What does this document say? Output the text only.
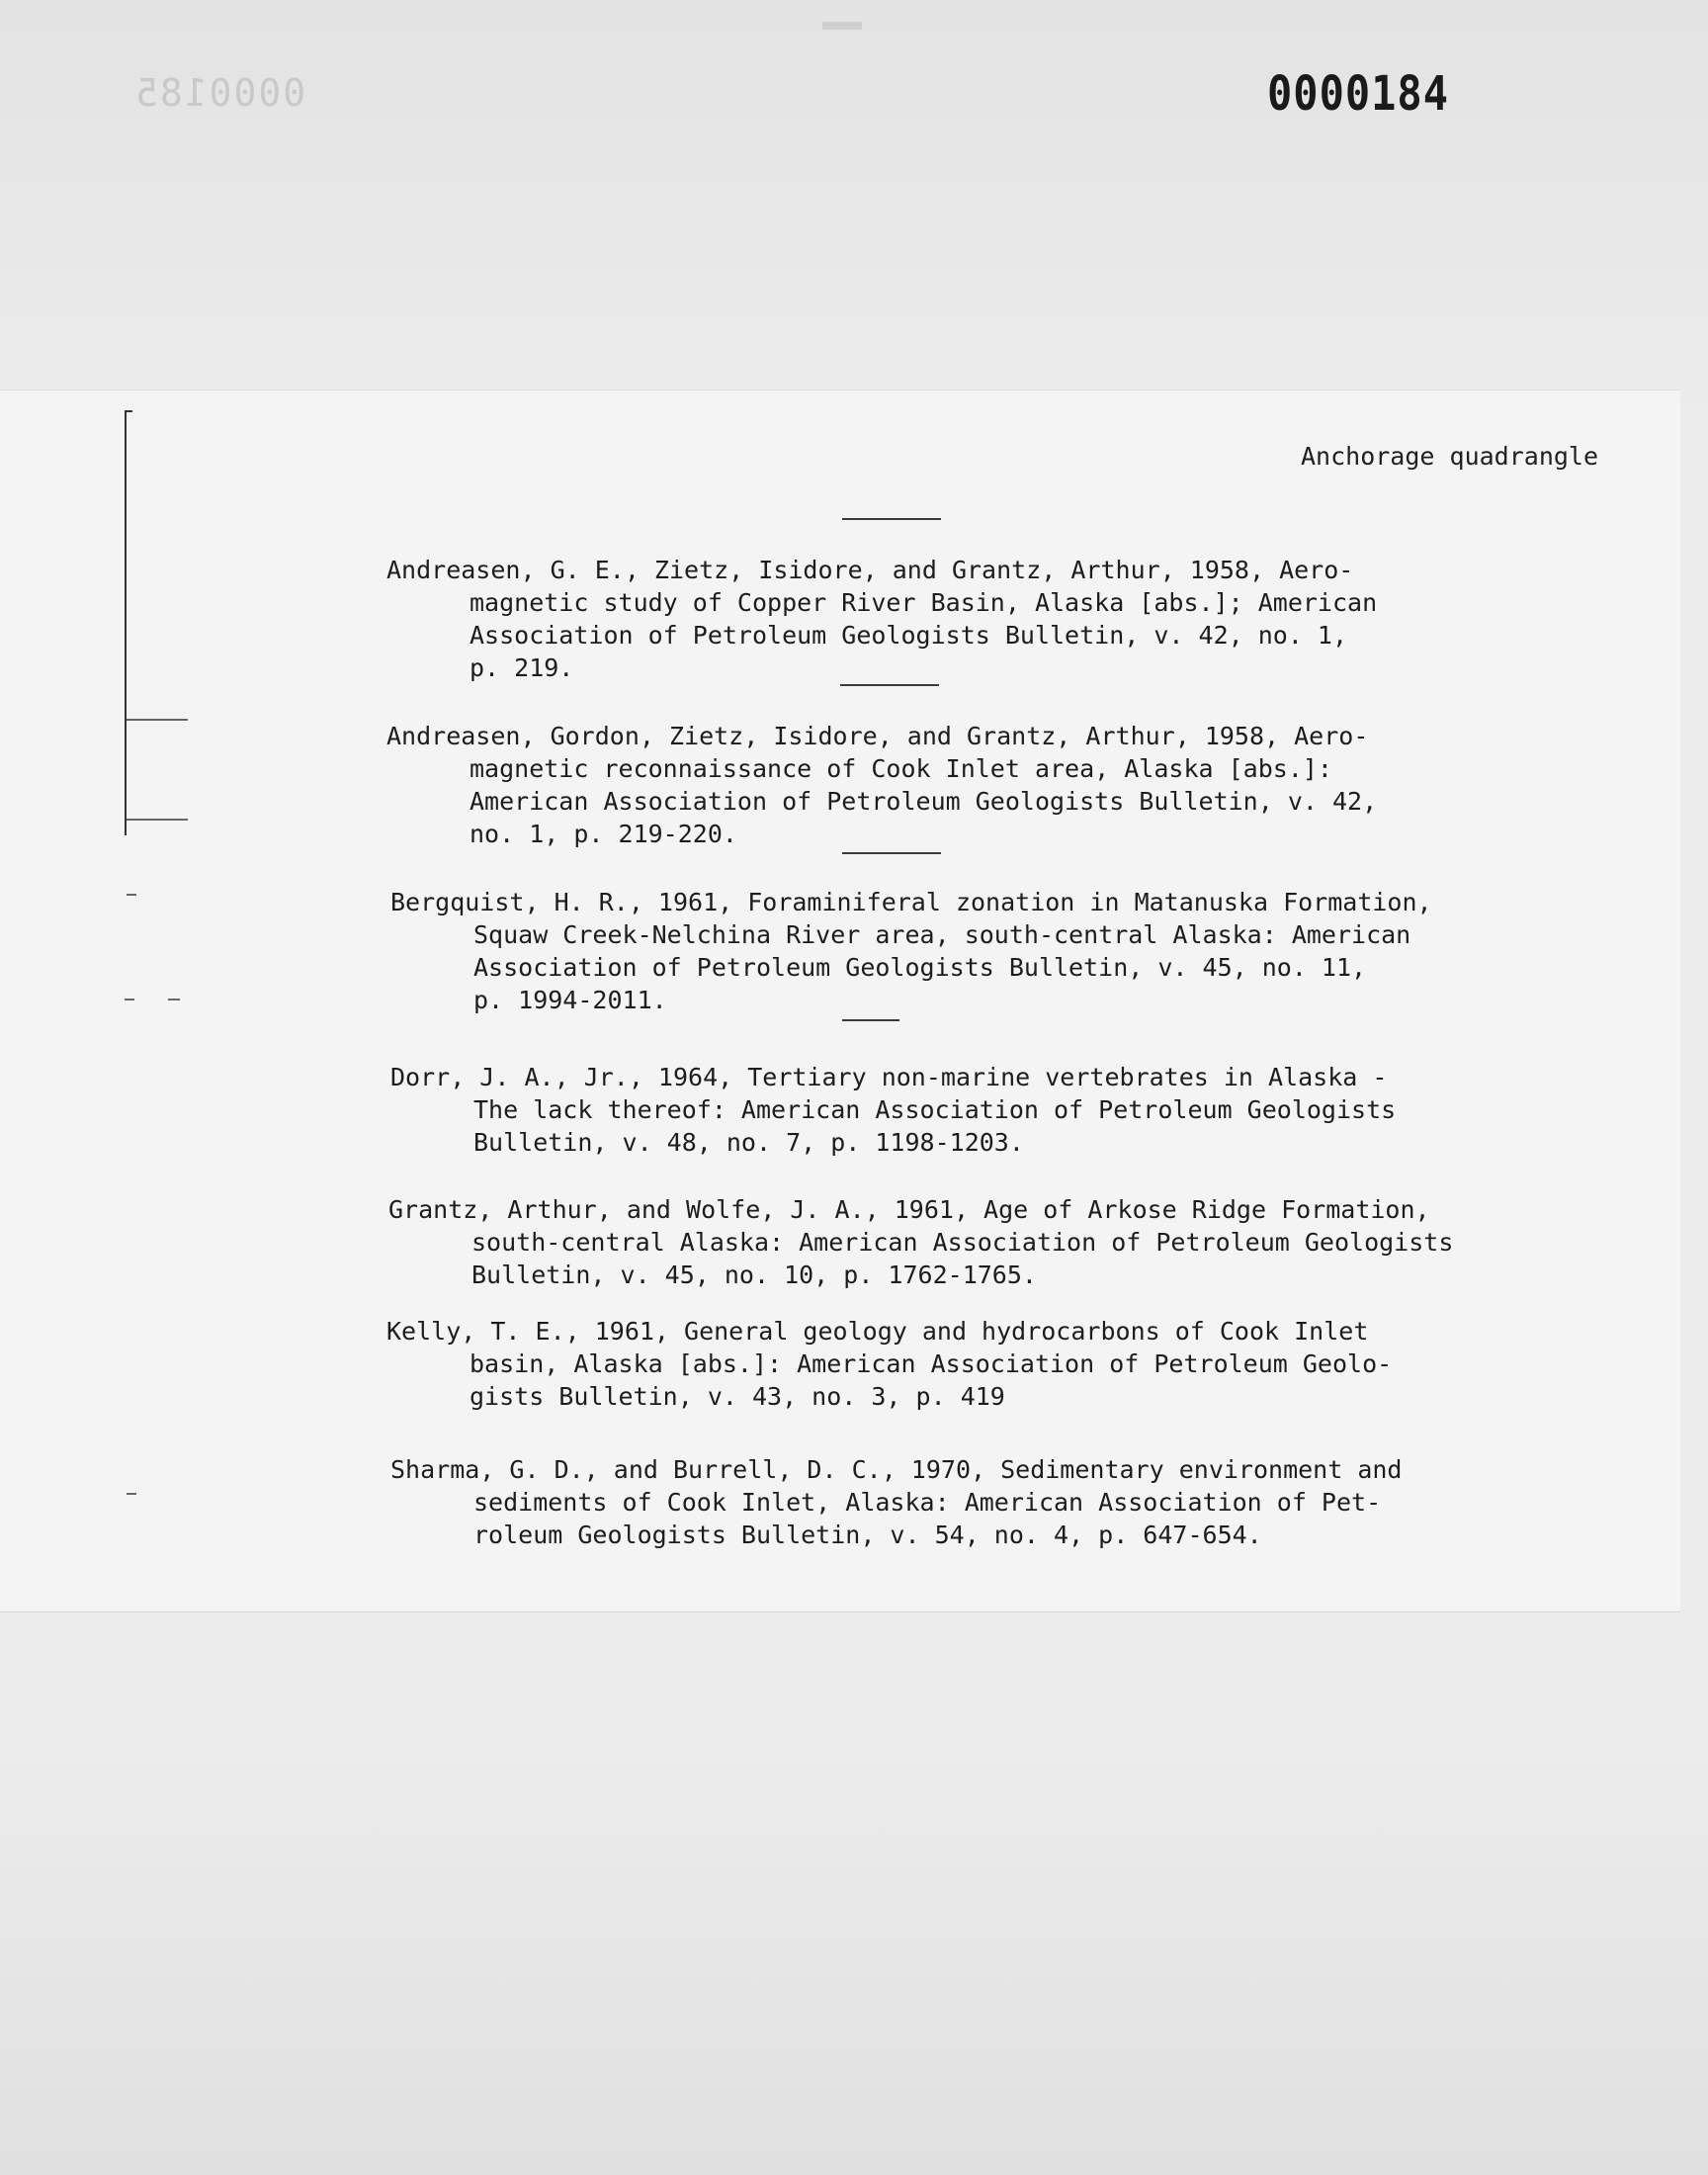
0000185	0000184
Anchorage quadrangle
Andreasen, G. E., Zietz, Isidore, and Grantz, Arthur, 1958, Aero-
magnetic study of Copper River Basin, Alaska [abs.]; American
Association of Petroleum Geologists Bulletin, v. 42, no. 1,
p. 219.
Andreasen, Gordon, Zietz, Isidore, and Grantz, Arthur, 1958, Aero-
magnetic reconnaissance of Cook Inlet area, Alaska [abs.]:
American Association of Petroleum Geologists Bulletin, v. 42,
no. 1, p. 219-220.
Bergquist, H. R., 1961, Foraminiferal zonation in Matanuska Formation,
Squaw Creek-Nelchina River area, south-central Alaska: American
Association of Petroleum Geologists Bulletin, v. 45, no. 11,
p. 1994-2011.
Dorr, J. A., Jr., 1964, Tertiary non-marine vertebrates in Alaska -
The lack thereof: American Association of Petroleum Geologists
Bulletin, v. 48, no. 7, p. 1198-1203.
Grantz, Arthur, and Wolfe, J. A., 1961, Age of Arkose Ridge Formation,
south-central Alaska: American Association of Petroleum Geologists
Bulletin, v. 45, no. 10, p. 1762-1765.
Kelly, T. E., 1961, General geology and hydrocarbons of Cook Inlet
basin, Alaska [abs.]: American Association of Petroleum Geolo-
gists Bulletin, v. 43, no. 3, p. 419
Sharma, G. D., and Burrell, D. C., 1970, Sedimentary environment and
sediments of Cook Inlet, Alaska: American Association of Pet-
roleum Geologists Bulletin, v. 54, no. 4, p. 647-654.
